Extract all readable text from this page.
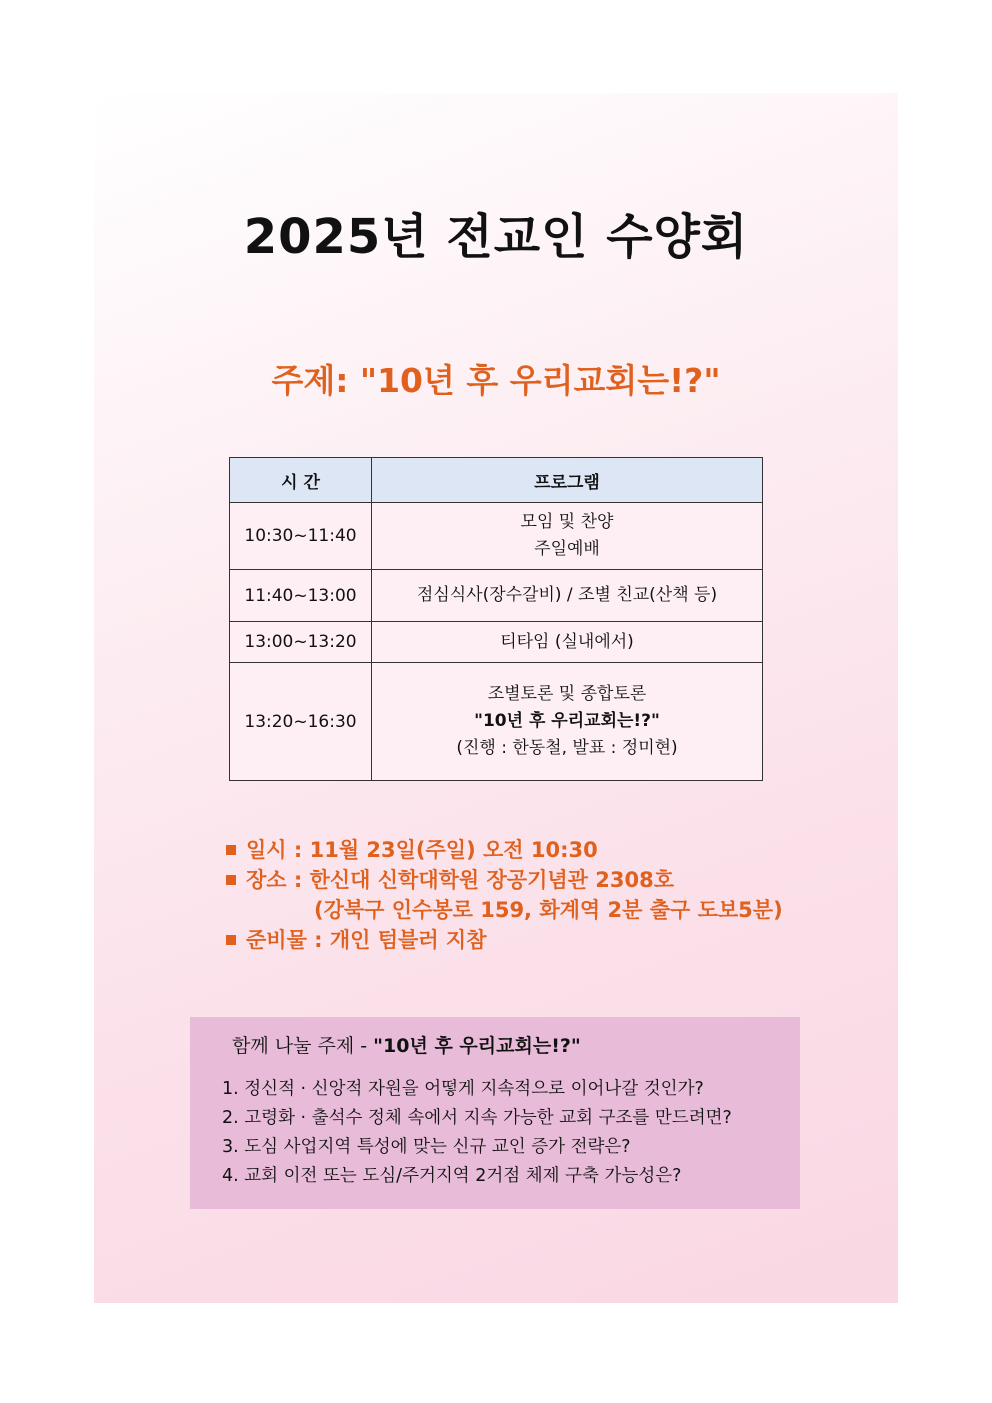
2025년 전교인 수양회
주제: "10년 후 우리교회는!?"
시 간	프로그램
10:30~11:40	모임 및 찬양
주일예배

11:40~13:00	점심식사(장수갈비) / 조별 친교(산책 등)
13:00~13:20	티타임 (실내에서)
13:20~16:30	조별토론 및 종합토론
"10년 후 우리교회는!?"
(진행 : 한동철, 발표 : 정미현)
일시 : 11월 23일(주일) 오전 10:30
장소 : 한신대 신학대학원 장공기념관 2308호
(강북구 인수봉로 159, 화계역 2분 출구 도보5분)
준비물 : 개인 텀블러 지참
함께 나눌 주제 - "10년 후 우리교회는!?"
1. 정신적 · 신앙적 자원을 어떻게 지속적으로 이어나갈 것인가?
2. 고령화 · 출석수 정체 속에서 지속 가능한 교회 구조를 만드려면?
3. 도심 사업지역 특성에 맞는 신규 교인 증가 전략은?
4. 교회 이전 또는 도심/주거지역 2거점 체제 구축 가능성은?
